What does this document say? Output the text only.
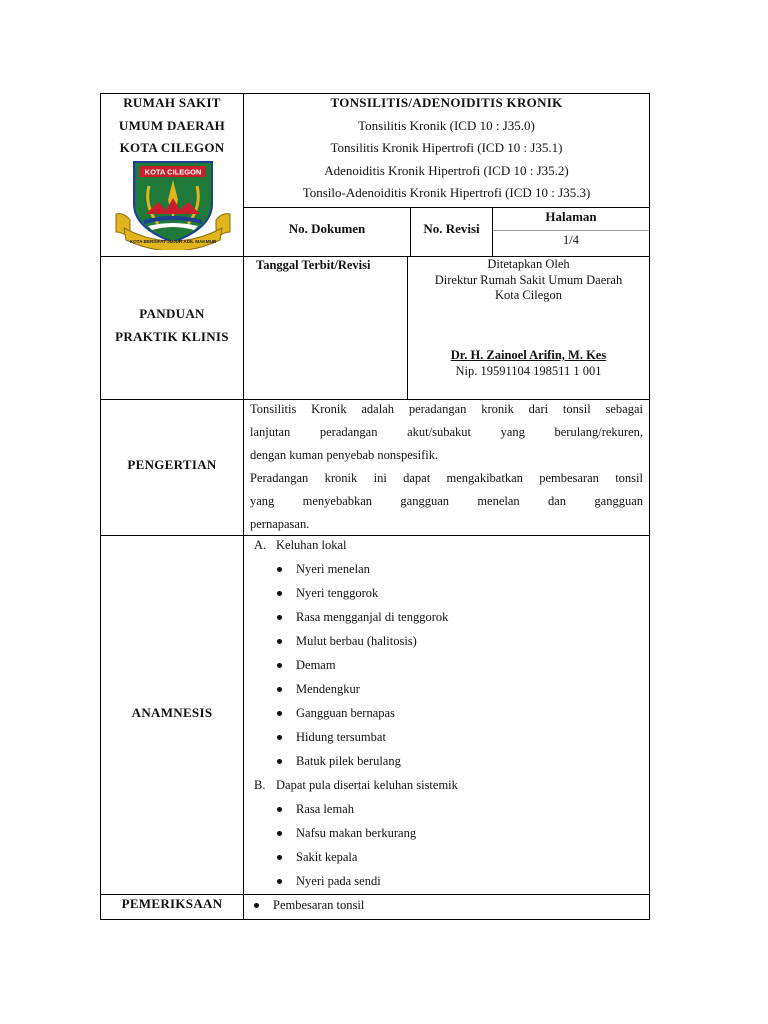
RUMAH SAKIT
UMUM DAERAH
KOTA CILEGON
KOTA CILEGON
KOTA BERSIFAT JUJUR ADIL MAKMUR
TONSILITIS/ADENOIDITIS KRONIK
Tonsilitis Kronik (ICD 10 : J35.0)
Tonsilitis Kronik Hipertrofi (ICD 10 : J35.1)
Adenoiditis Kronik Hipertrofi (ICD 10 : J35.2)
Tonsilo-Adenoiditis Kronik Hipertrofi (ICD 10 : J35.3)
No. Dokumen	No. Revisi
Halaman
1/4
PANDUAN
PRAKTIK KLINIS
Tanggal Terbit/Revisi	Ditetapkan Oleh
Direktur Rumah Sakit Umum Daerah
Kota Cilegon
Dr. H. Zainoel Arifin, M. Kes
Nip. 19591104 198511 1 001
PENGERTIAN
Tonsilitis Kronik adalah peradangan kronik dari tonsil sebagai
lanjutan peradangan akut/subakut yang berulang/rekuren,
dengan kuman penyebab nonspesifik.
Peradangan kronik ini dapat mengakibatkan pembesaran tonsil
yang menyebabkan gangguan menelan dan gangguan
pernapasan.
ANAMNESIS
A. Keluhan lokal
Nyeri menelan
Nyeri tenggorok
Rasa mengganjal di tenggorok
Mulut berbau (halitosis)
Demam
Mendengkur
Gangguan bernapas
Hidung tersumbat
Batuk pilek berulang
B. Dapat pula disertai keluhan sistemik
Rasa lemah
Nafsu makan berkurang
Sakit kepala
Nyeri pada sendi
PEMERIKSAAN	Pembesaran tonsil
